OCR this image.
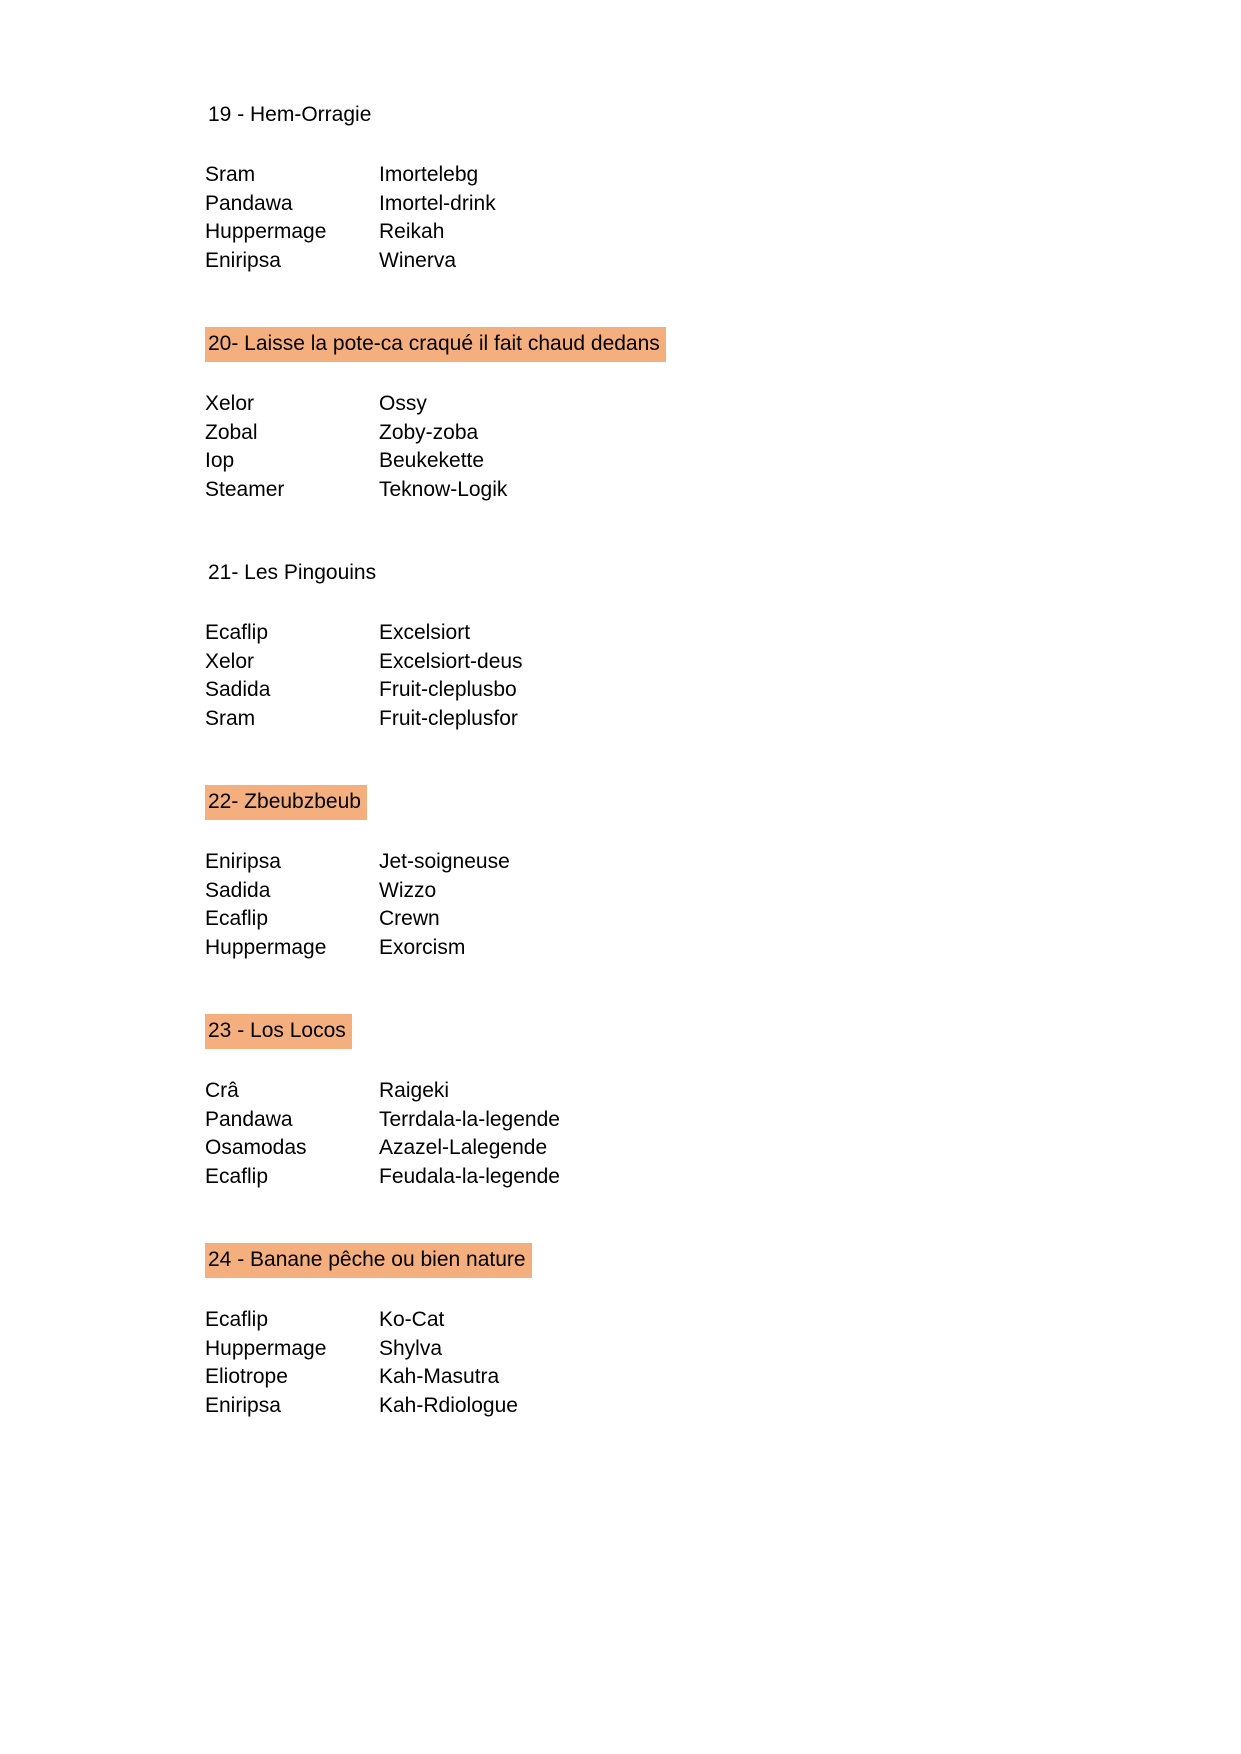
19 - Hem-Orragie
Sram	Imortelebg
Pandawa	Imortel-drink
Huppermage	Reikah
Eniripsa	Winerva
20- Laisse la pote-ca craqué il fait chaud dedans
Xelor	Ossy
Zobal	Zoby-zoba
Iop	Beukekette
Steamer	Teknow-Logik
21- Les Pingouins
Ecaflip	Excelsiort
Xelor	Excelsiort-deus
Sadida	Fruit-cleplusbo
Sram	Fruit-cleplusfor
22- Zbeubzbeub
Eniripsa	Jet-soigneuse
Sadida	Wizzo
Ecaflip	Crewn
Huppermage	Exorcism
23 - Los Locos
Crâ	Raigeki
Pandawa	Terrdala-la-legende
Osamodas	Azazel-Lalegende
Ecaflip	Feudala-la-legende
24 - Banane pêche ou bien nature
Ecaflip	Ko-Cat
Huppermage	Shylva
Eliotrope	Kah-Masutra
Eniripsa	Kah-Rdiologue
